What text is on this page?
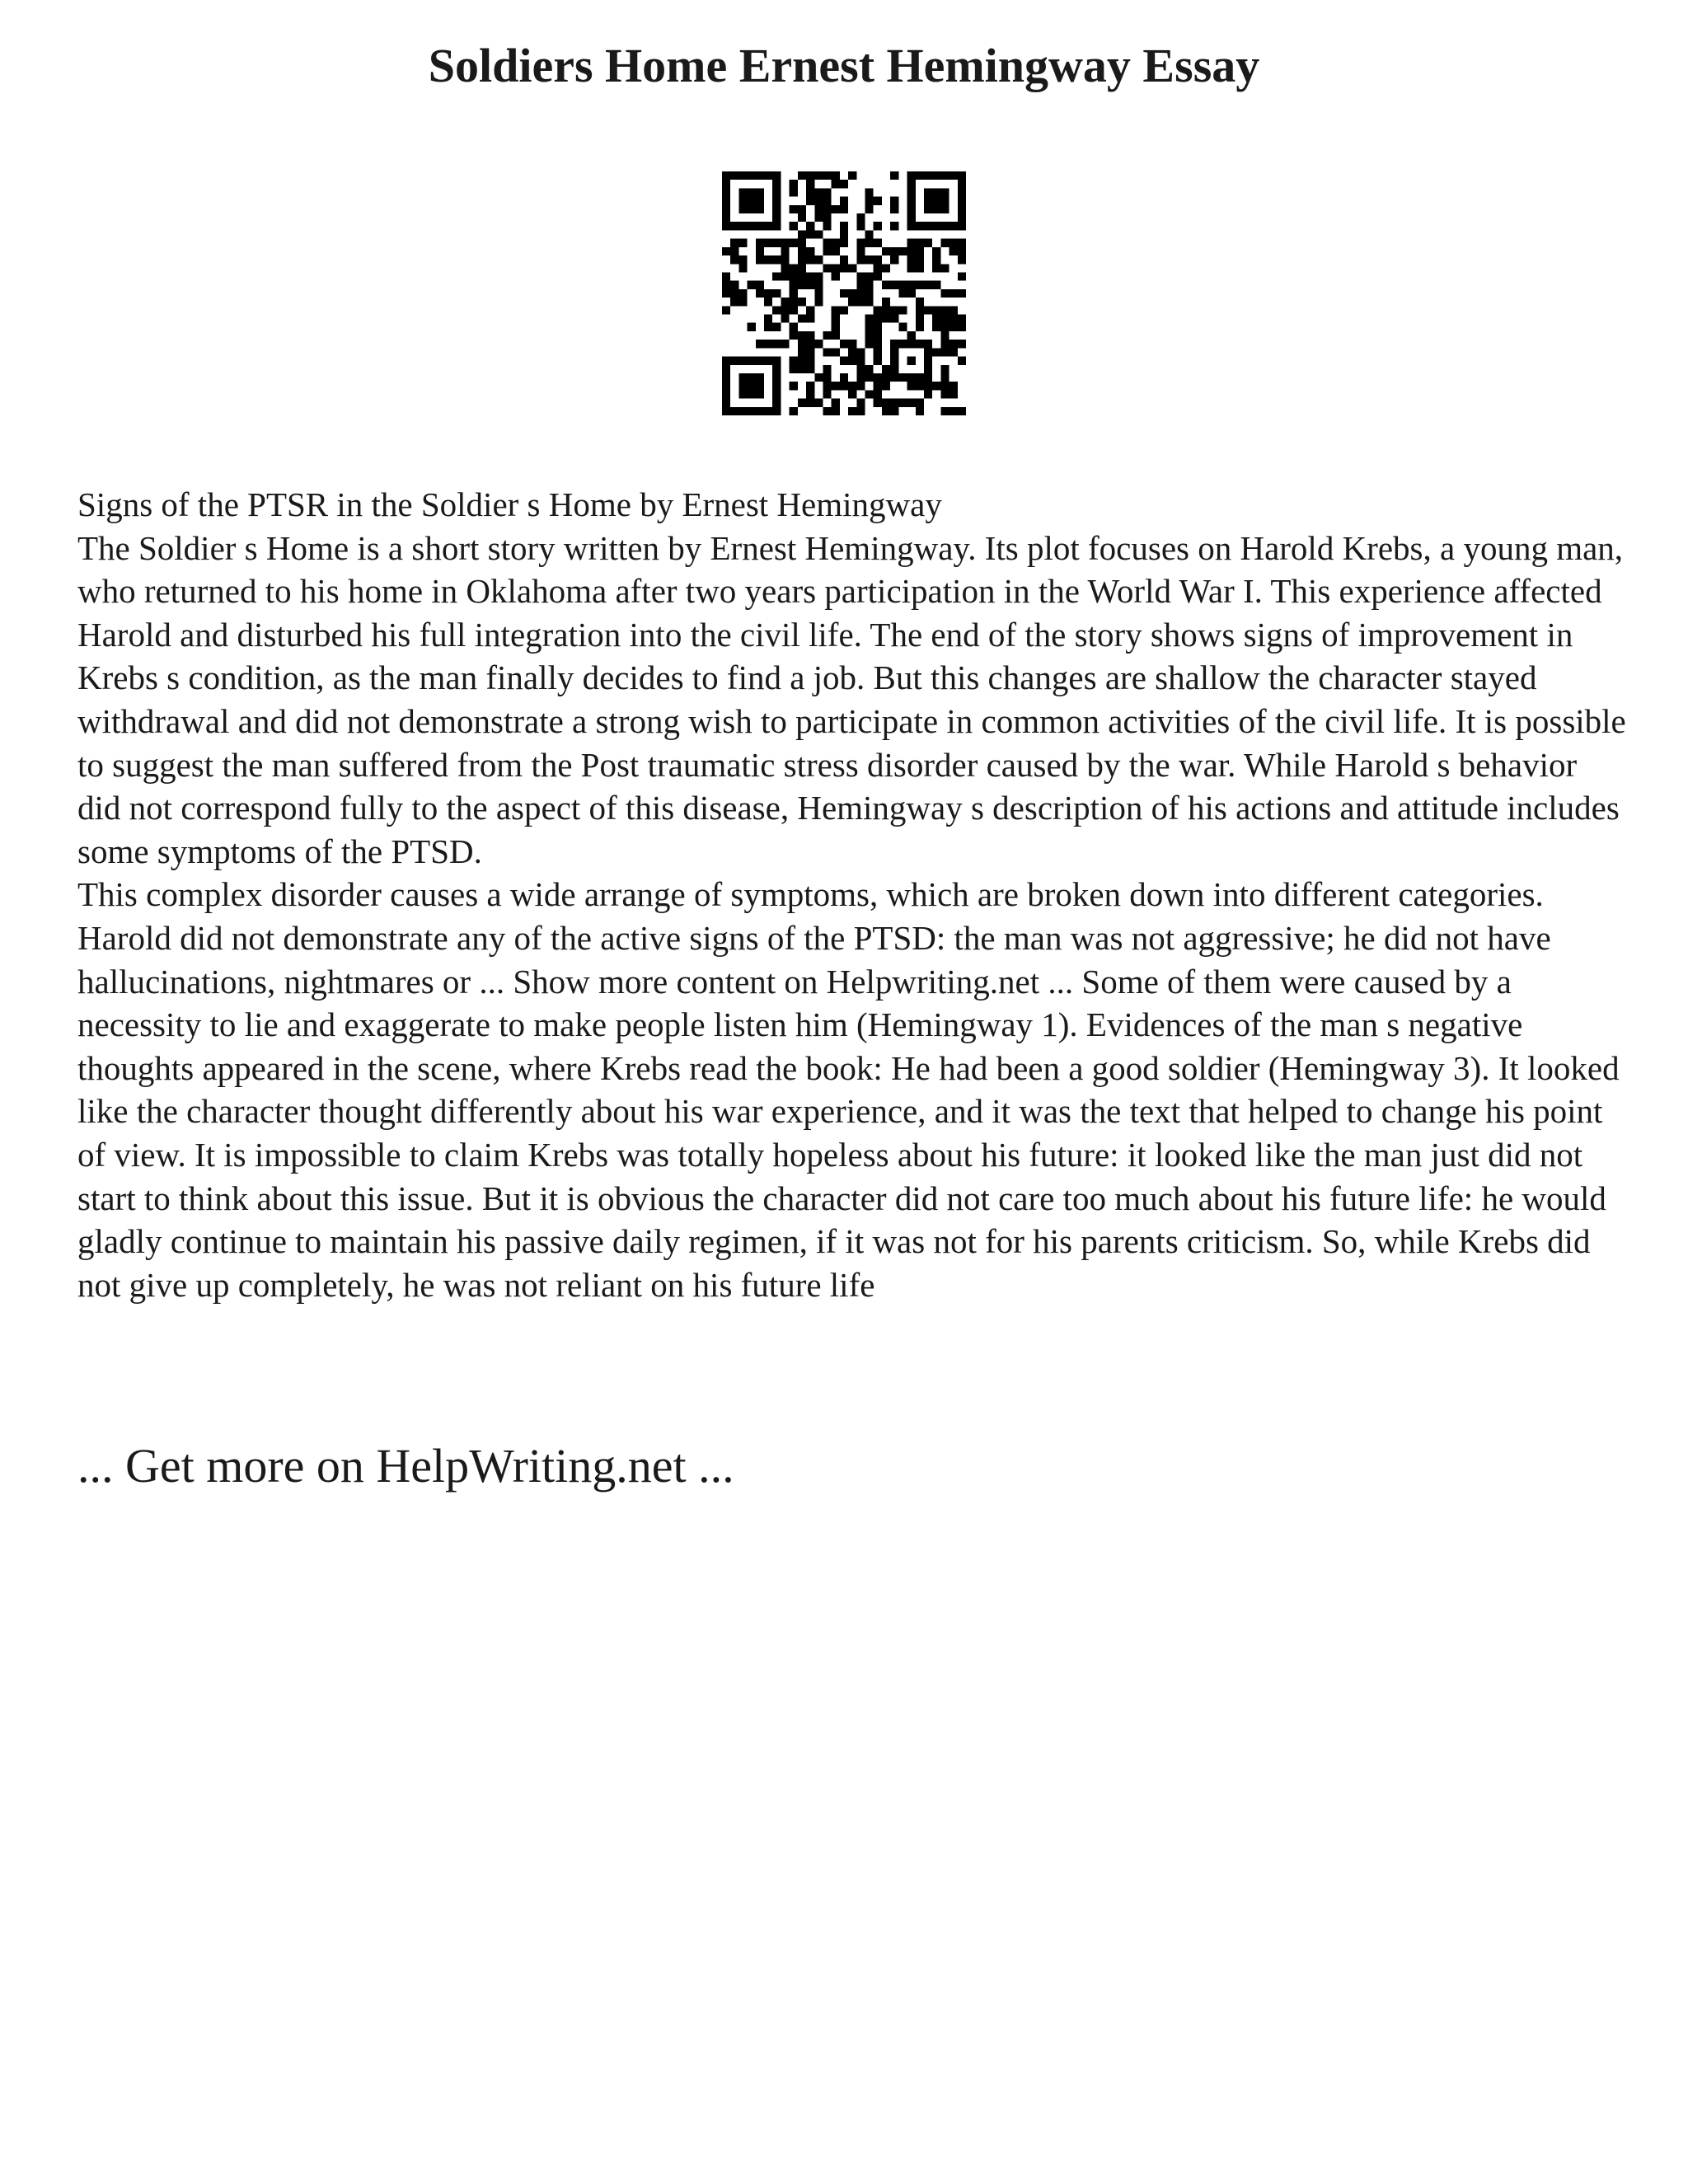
Soldiers Home Ernest Hemingway Essay

Signs of the PTSR in the Soldier s Home by Ernest Hemingway

The Soldier s Home is a short story written by Ernest Hemingway. Its plot focuses on Harold Krebs, a young man, who returned to his home in Oklahoma after two years participation in the World War I. This experience affected Harold and disturbed his full integration into the civil life. The end of the story shows signs of improvement in Krebs s condition, as the man finally decides to find a job. But this changes are shallow the character stayed withdrawal and did not demonstrate a strong wish to participate in common activities of the civil life. It is possible to suggest the man suffered from the Post traumatic stress disorder caused by the war. While Harold s behavior did not correspond fully to the aspect of this disease, Hemingway s description of his actions and attitude includes some symptoms of the PTSD.

This complex disorder causes a wide arrange of symptoms, which are broken down into different categories. Harold did not demonstrate any of the active signs of the PTSD: the man was not aggressive; he did not have hallucinations, nightmares or ... Show more content on Helpwriting.net ... Some of them were caused by a necessity to lie and exaggerate to make people listen him (Hemingway 1). Evidences of the man s negative thoughts appeared in the scene, where Krebs read the book: He had been a good soldier (Hemingway 3). It looked like the character thought differently about his war experience, and it was the text that helped to change his point of view. It is impossible to claim Krebs was totally hopeless about his future: it looked like the man just did not start to think about this issue. But it is obvious the character did not care too much about his future life: he would gladly continue to maintain his passive daily regimen, if it was not for his parents criticism. So, while Krebs did not give up completely, he was not reliant on his future life

... Get more on HelpWriting.net ...
